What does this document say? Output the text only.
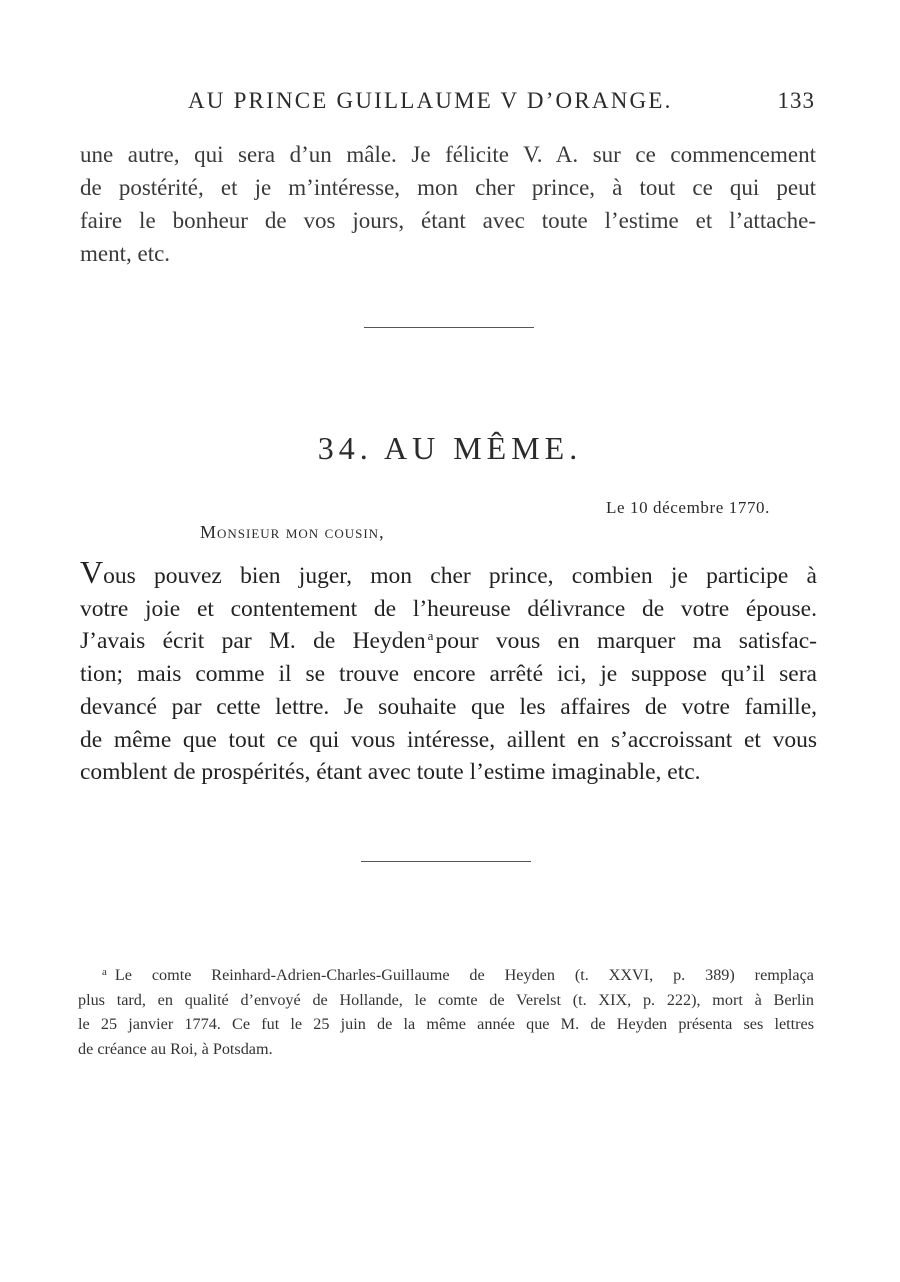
AU PRINCE GUILLAUME V D’ORANGE.	133
une autre, qui sera d’un mâle. Je félicite V. A. sur ce commencement
de postérité, et je m’intéresse, mon cher prince, à tout ce qui peut
faire le bonheur de vos jours, étant avec toute l’estime et l’attache-
ment, etc.
34. AU MÊME.
Le 10 décembre 1770.
Monsieur mon cousin,
Vous pouvez bien juger, mon cher prince, combien je participe à
votre joie et contentement de l’heureuse délivrance de votre épouse.
J’avais écrit par M. de Heyden $^a$pour vous en marquer ma satisfac-
tion; mais comme il se trouve encore arrêté ici, je suppose qu’il sera
devancé par cette lettre. Je souhaite que les affaires de votre famille,
de même que tout ce qui vous intéresse, aillent en s’accroissant et vous
comblent de prospérités, étant avec toute l’estime imaginable, etc.
$^a$ Le comte Reinhard-Adrien-Charles-Guillaume de Heyden (t. XXVI, p. 389) remplaça
plus tard, en qualité d’envoyé de Hollande, le comte de Verelst (t. XIX, p. 222), mort à Berlin
le 25 janvier 1774. Ce fut le 25 juin de la même année que M. de Heyden présenta ses lettres
de créance au Roi, à Potsdam.
